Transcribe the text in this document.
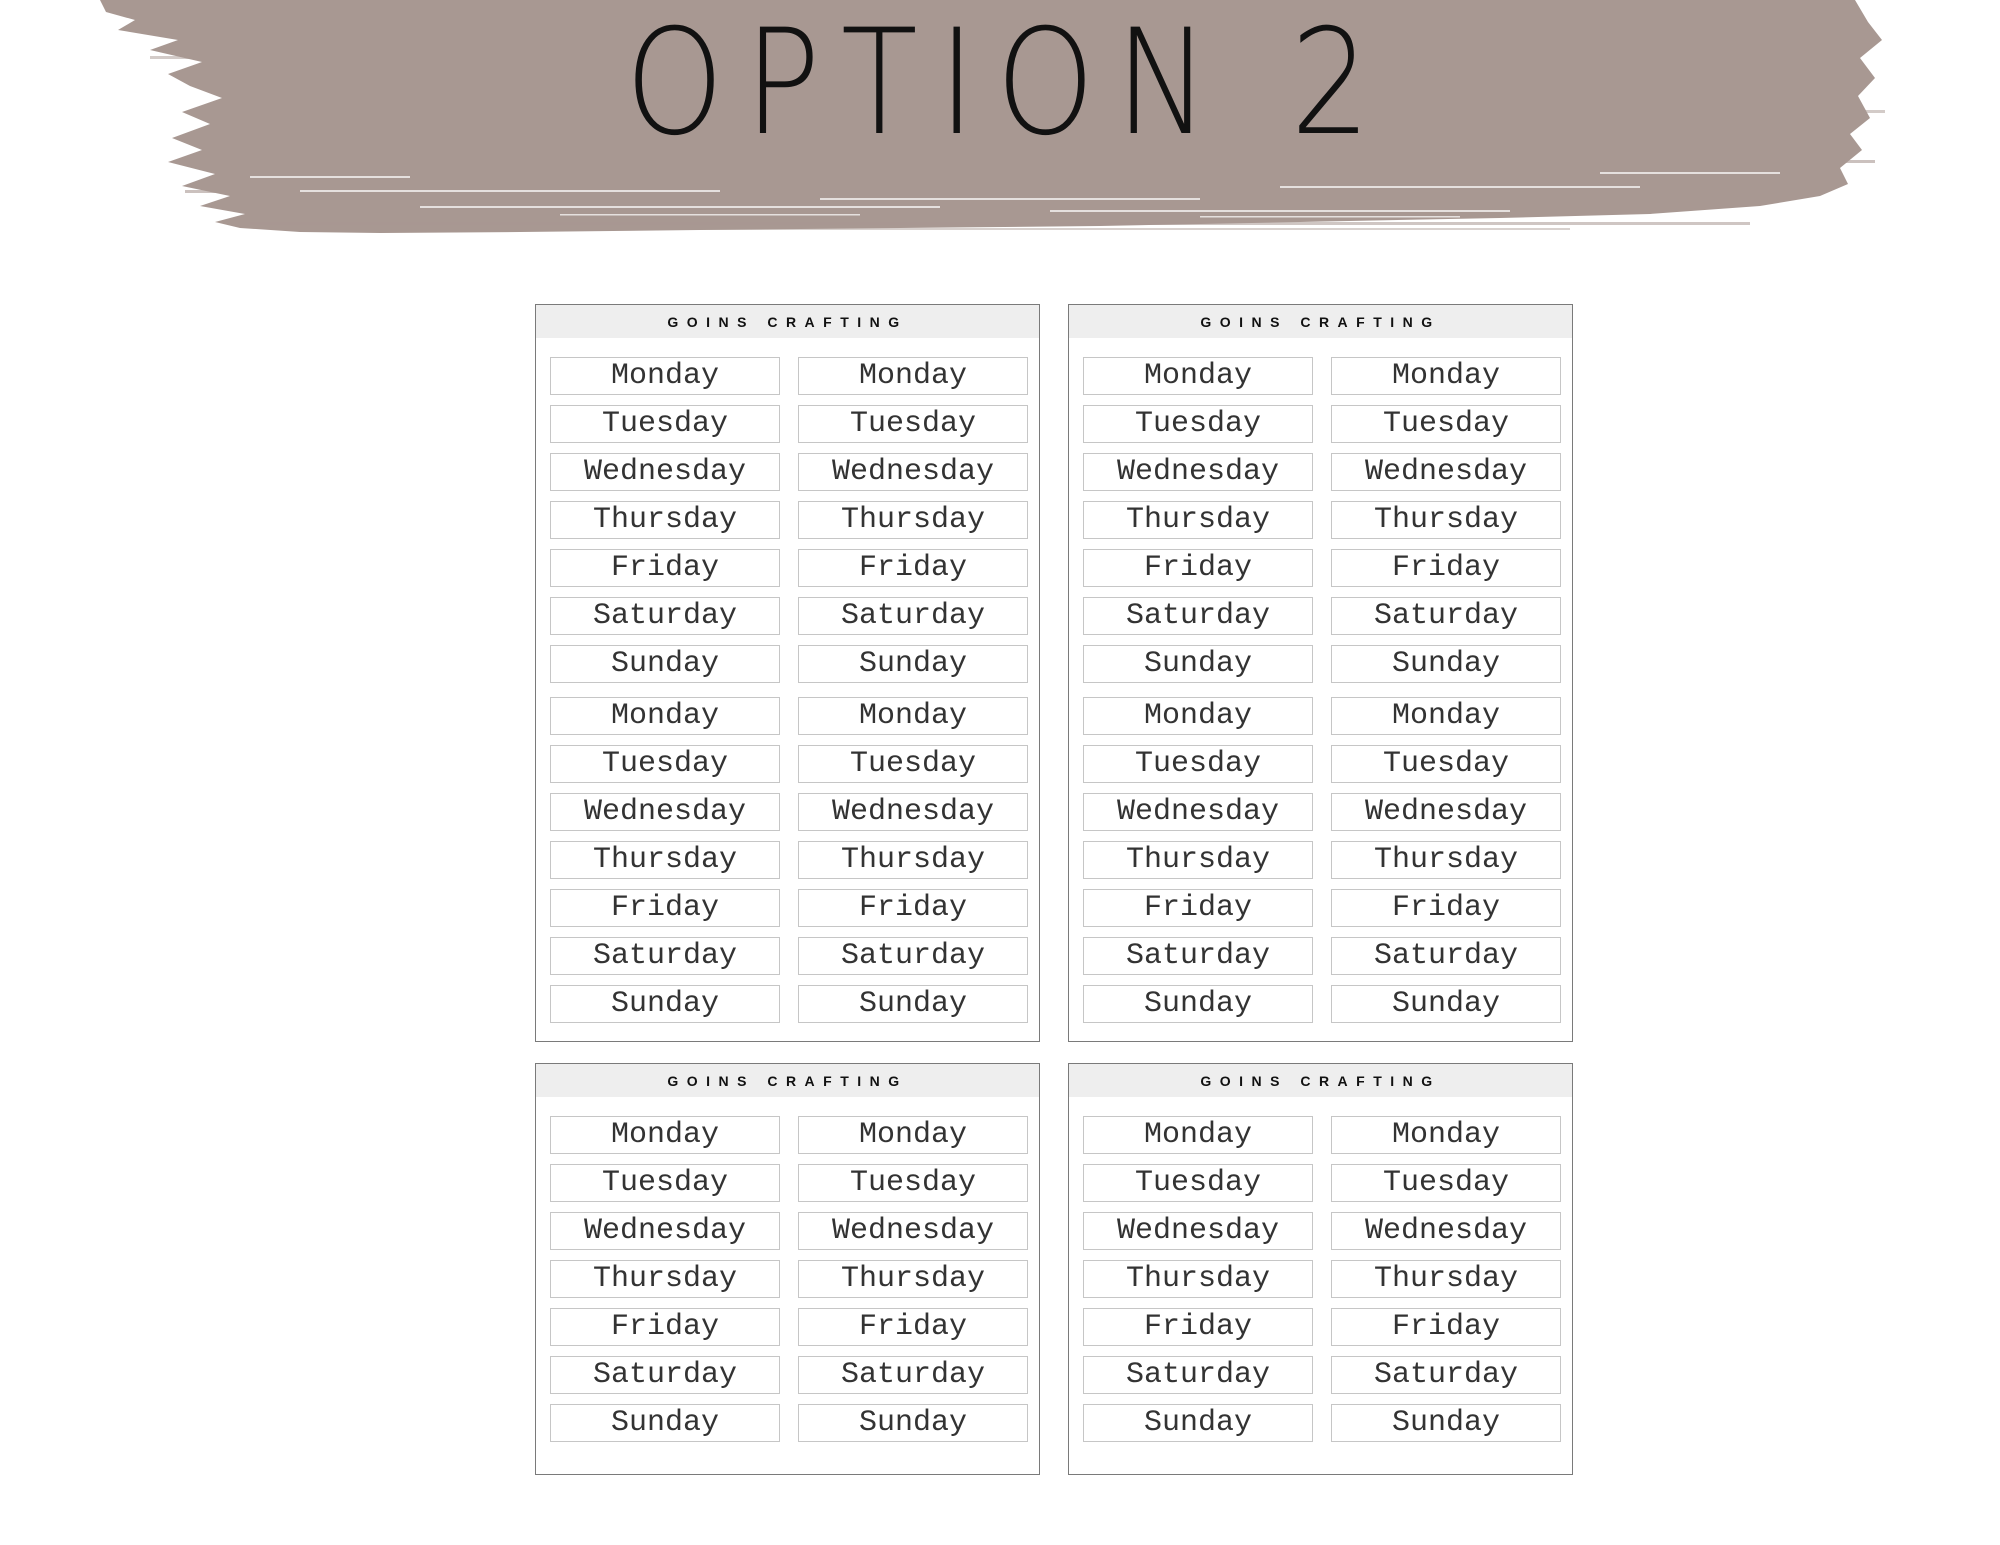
OPTION 2
GOINS CRAFTING
Monday	Monday
Tuesday	Tuesday
Wednesday	Wednesday
Thursday	Thursday
Friday	Friday
Saturday	Saturday
Sunday	Sunday
Monday	Monday
Tuesday	Tuesday
Wednesday	Wednesday
Thursday	Thursday
Friday	Friday
Saturday	Saturday
Sunday	Sunday
GOINS CRAFTING
Monday	Monday
Tuesday	Tuesday
Wednesday	Wednesday
Thursday	Thursday
Friday	Friday
Saturday	Saturday
Sunday	Sunday
Monday	Monday
Tuesday	Tuesday
Wednesday	Wednesday
Thursday	Thursday
Friday	Friday
Saturday	Saturday
Sunday	Sunday
GOINS CRAFTING
Monday	Monday
Tuesday	Tuesday
Wednesday	Wednesday
Thursday	Thursday
Friday	Friday
Saturday	Saturday
Sunday	Sunday
GOINS CRAFTING
Monday	Monday
Tuesday	Tuesday
Wednesday	Wednesday
Thursday	Thursday
Friday	Friday
Saturday	Saturday
Sunday	Sunday
